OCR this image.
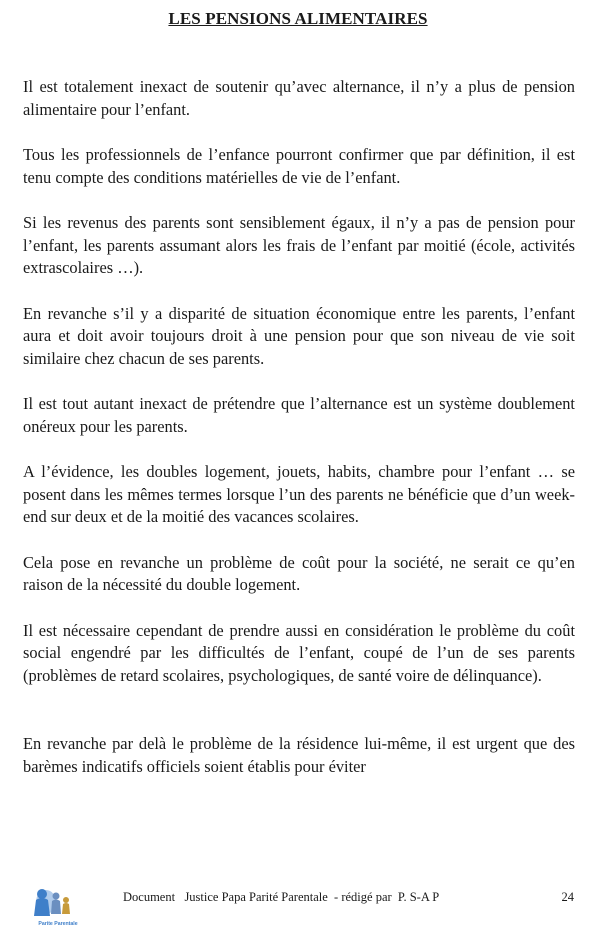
LES PENSIONS ALIMENTAIRES

Il est totalement inexact de soutenir qu’avec alternance, il n’y a plus de pension alimentaire pour l’enfant.

Tous les professionnels de l’enfance pourront confirmer que par définition, il est tenu compte des conditions matérielles de vie de l’enfant.

Si les revenus des parents sont sensiblement égaux, il n’y a pas de pension pour l’enfant, les parents assumant alors les frais de l’enfant par moitié (école, activités extrascolaires …).

En revanche s’il y a disparité de situation économique entre les parents, l’enfant aura et doit avoir toujours droit à une pension pour que son niveau de vie soit similaire chez chacun de ses parents.

Il est tout autant inexact de prétendre que l’alternance est un système doublement onéreux pour les parents.

A l’évidence, les doubles logement, jouets, habits, chambre pour l’enfant … se posent dans les mêmes termes lorsque l’un des parents ne bénéficie que d’un week-end sur deux et de la moitié des vacances scolaires.

Cela pose en revanche un problème de coût pour la société, ne serait ce qu’en raison de la nécessité du double logement.

Il est nécessaire cependant de prendre aussi en considération le problème du coût social engendré par les difficultés de l’enfant, coupé de l’un de ses parents (problèmes de retard scolaires, psychologiques, de santé voire de délinquance).

En revanche par delà le problème de la résidence lui-même, il est urgent que des barèmes indicatifs officiels soient établis pour éviter

Parite Parentale
Document   Justice Papa Parité Parentale  - rédigé par  P. S-A P	24
